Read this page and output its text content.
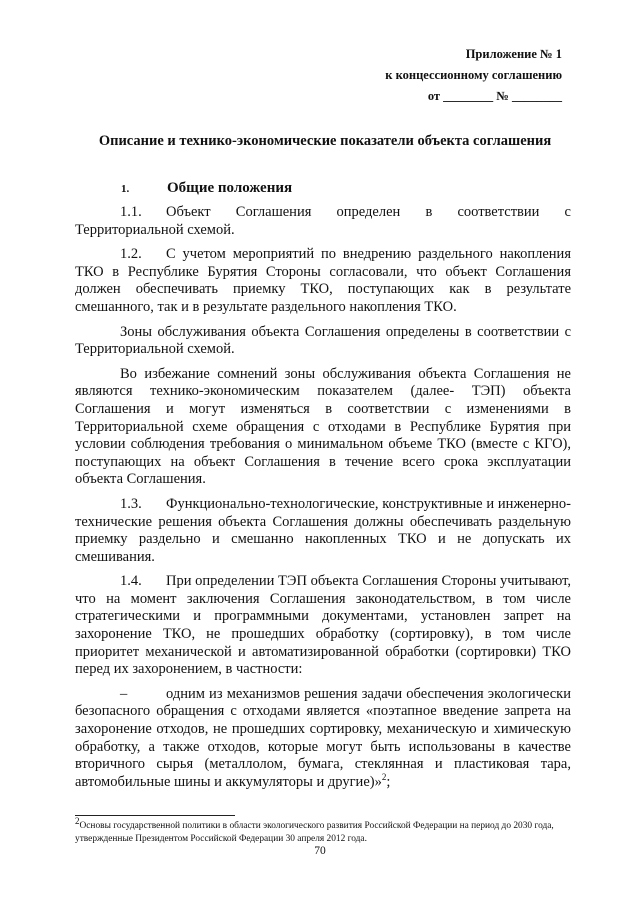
Приложение № 1
к концессионному соглашению
от ________ № ________
Описание и технико-экономические показатели объекта соглашения
1.	Общие положения

1.1. Объект Соглашения определен в соответствии с Территориальной схемой.

1.2. С учетом мероприятий по внедрению раздельного накопления ТКО в Республике Бурятия Стороны согласовали, что объект Соглашения должен обеспечивать приемку ТКО, поступающих как в результате смешанного, так и в результате раздельного накопления ТКО.

Зоны обслуживания объекта Соглашения определены в соответствии с Территориальной схемой.

Во избежание сомнений зоны обслуживания объекта Соглашения не являются технико-экономическим показателем (далее- ТЭП) объекта Соглашения и могут изменяться в соответствии с изменениями в Территориальной схеме обращения с отходами в Республике Бурятия при условии соблюдения требования о минимальном объеме ТКО (вместе с КГО), поступающих на объект Соглашения в течение всего срока эксплуатации объекта Соглашения.

1.3. Функционально-технологические, конструктивные и инженерно-технические решения объекта Соглашения должны обеспечивать раздельную приемку раздельно и смешанно накопленных ТКО и не допускать их смешивания.

1.4. При определении ТЭП объекта Соглашения Стороны учитывают, что на момент заключения Соглашения законодательством, в том числе стратегическими и программными документами, установлен запрет на захоронение ТКО, не прошедших обработку (сортировку), в том числе приоритет механической и автоматизированной обработки (сортировки) ТКО перед их захоронением, в частности:

–	одним из механизмов решения задачи обеспечения экологически безопасного обращения с отходами является «поэтапное введение запрета на захоронение отходов, не прошедших сортировку, механическую и химическую обработку, а также отходов, которые могут быть использованы в качестве вторичного сырья (металлолом, бумага, стеклянная и пластиковая тара, автомобильные шины и аккумуляторы и другие)»$^2$;

$^2$Основы государственной политики в области экологического развития Российской Федерации на период до 2030 года, утвержденные Президентом Российской Федерации 30 апреля 2012 года.
70
